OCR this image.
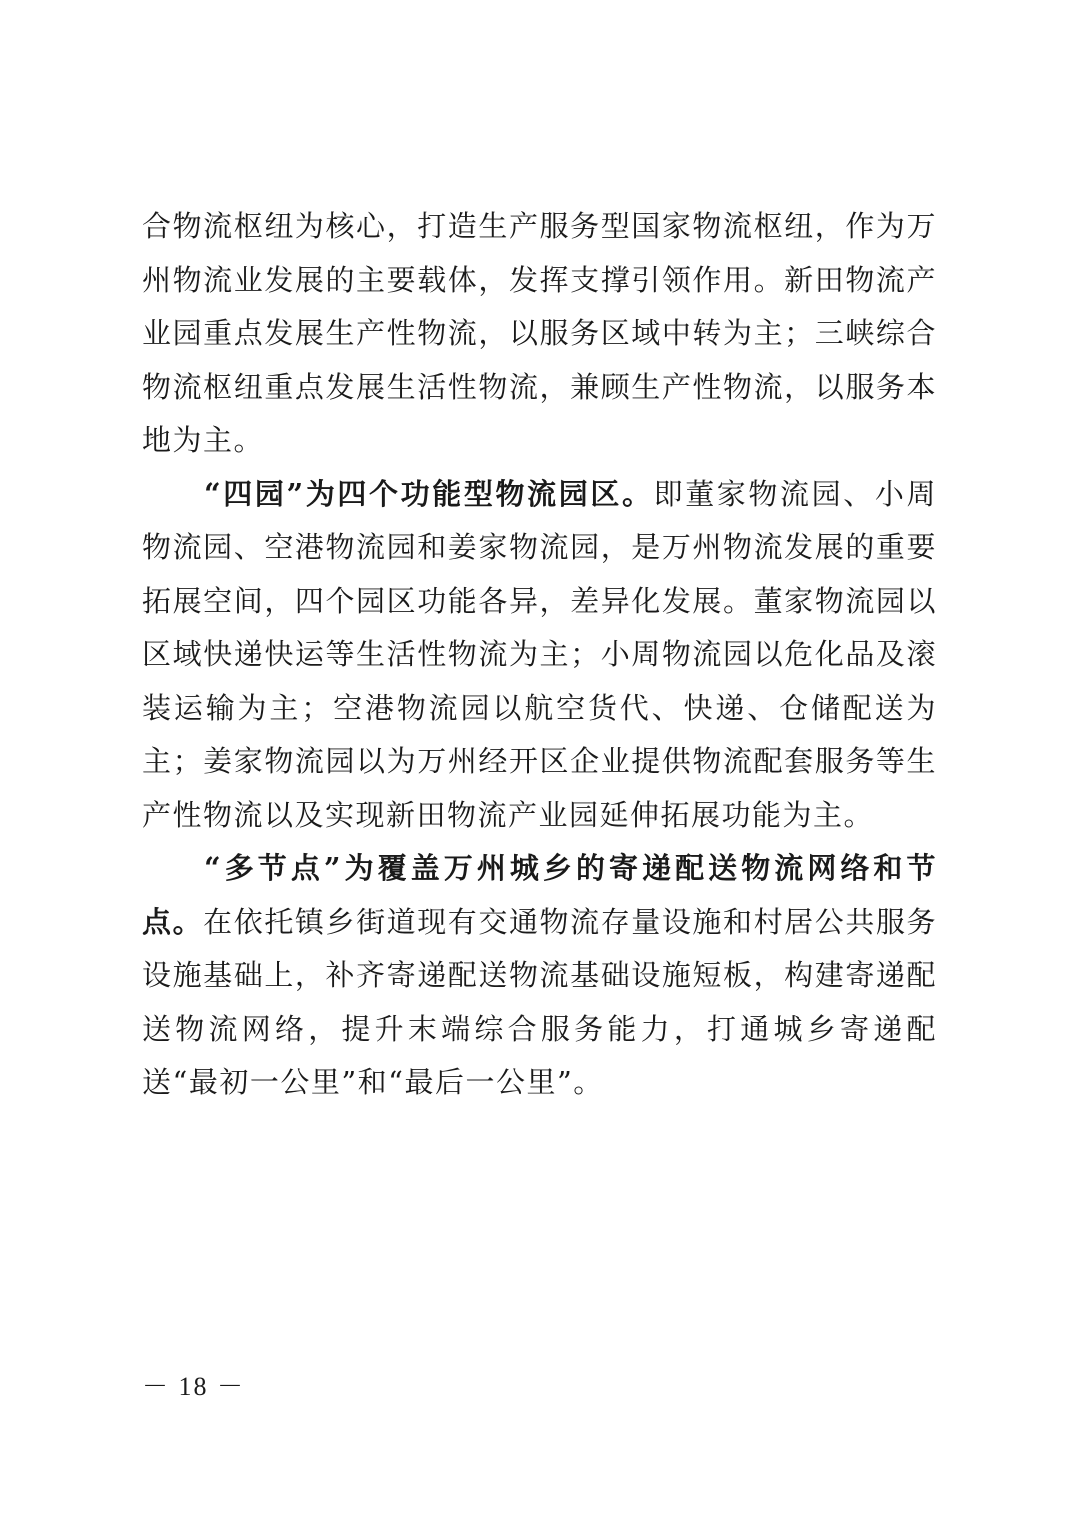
合物流枢纽为核心，打造生产服务型国家物流枢纽，作为万州物流业发展的主要载体，发挥支撑引领作用。新田物流产业园重点发展生产性物流，以服务区域中转为主；三峡综合物流枢纽重点发展生活性物流，兼顾生产性物流，以服务本地为主。

“四园”为四个功能型物流园区。即董家物流园、小周物流园、空港物流园和姜家物流园，是万州物流发展的重要拓展空间，四个园区功能各异，差异化发展。董家物流园以区域快递快运等生活性物流为主；小周物流园以危化品及滚装运输为主；空港物流园以航空货代、快递、仓储配送为主；姜家物流园以为万州经开区企业提供物流配套服务等生产性物流以及实现新田物流产业园延伸拓展功能为主。

“多节点”为覆盖万州城乡的寄递配送物流网络和节点。在依托镇乡街道现有交通物流存量设施和村居公共服务设施基础上，补齐寄递配送物流基础设施短板，构建寄递配送物流网络，提升末端综合服务能力，打通城乡寄递配送“最初一公里”和“最后一公里”。

－ 18 －
